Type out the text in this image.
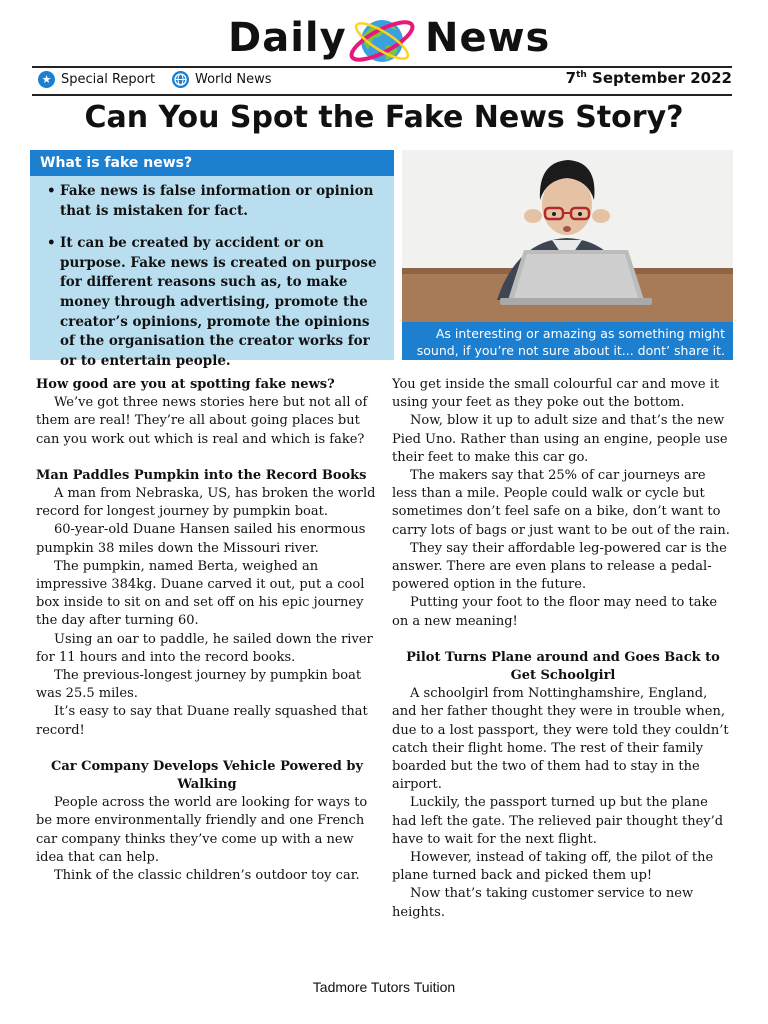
Daily News
★ Special Report	World News	7th September 2022
Can You Spot the Fake News Story?
What is fake news?
• Fake news is false information or opinion that is mistaken for fact.
• It can be created by accident or on purpose. Fake news is created on purpose for different reasons such as, to make money through advertising, promote the creator’s opinions, promote the opinions of the organisation the creator works for or to entertain people.
As interesting or amazing as something might sound, if you’re not sure about it... dont’ share it.
How good are you at spotting fake news?

We’ve got three news stories here but not all of them are real! They’re all about going places but can you work out which is real and which is fake?

Man Paddles Pumpkin into the Record Books

A man from Nebraska, US, has broken the world record for longest journey by pumpkin boat.

60-year-old Duane Hansen sailed his enormous pumpkin 38 miles down the Missouri river.

The pumpkin, named Berta, weighed an impressive 384kg. Duane carved it out, put a cool box inside to sit on and set off on his epic journey the day after turning 60.

Using an oar to paddle, he sailed down the river for 11 hours and into the record books.

The previous-longest journey by pumpkin boat was 25.5 miles.

It’s easy to say that Duane really squashed that record!

Car Company Develops Vehicle Powered by Walking

People across the world are looking for ways to be more environmentally friendly and one French car company thinks they’ve come up with a new idea that can help.

Think of the classic children’s outdoor toy car.

You get inside the small colourful car and move it using your feet as they poke out the bottom.

Now, blow it up to adult size and that’s the new Pied Uno. Rather than using an engine, people use their feet to make this car go.

The makers say that 25% of car journeys are less than a mile. People could walk or cycle but sometimes don’t feel safe on a bike, don’t want to carry lots of bags or just want to be out of the rain.

They say their affordable leg-powered car is the answer. There are even plans to release a pedal-powered option in the future.

Putting your foot to the floor may need to take on a new meaning!

Pilot Turns Plane around and Goes Back to Get Schoolgirl

A schoolgirl from Nottinghamshire, England, and her father thought they were in trouble when, due to a lost passport, they were told they couldn’t catch their flight home. The rest of their family boarded but the two of them had to stay in the airport.

Luckily, the passport turned up but the plane had left the gate. The relieved pair thought they’d have to wait for the next flight.

However, instead of taking off, the pilot of the plane turned back and picked them up!

Now that’s taking customer service to new heights.

Tadmore Tutors Tuition
